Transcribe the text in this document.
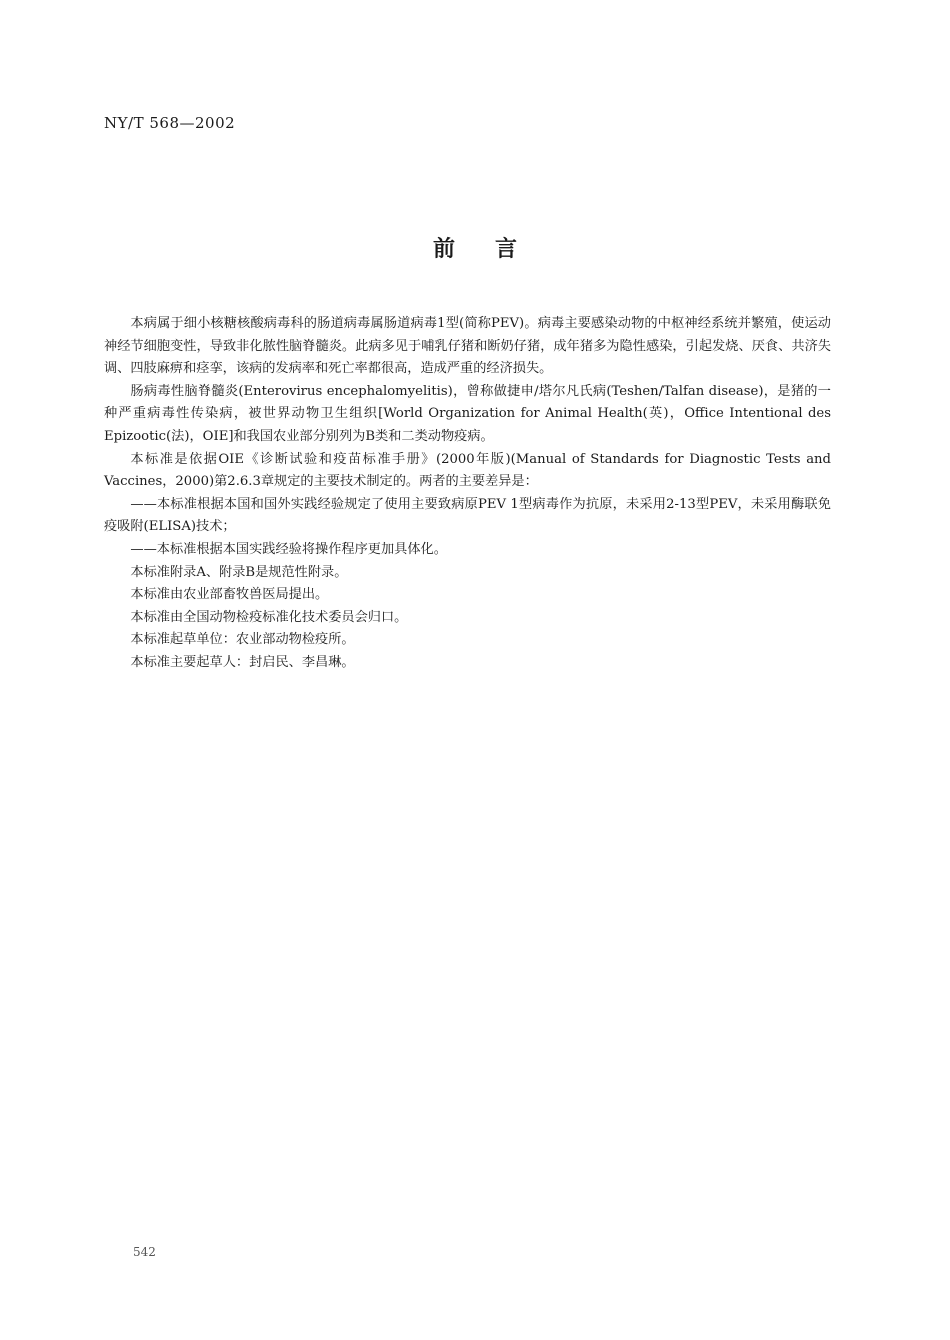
NY/T 568—2002
前言

本病属于细小核糖核酸病毒科的肠道病毒属肠道病毒1型(简称PEV)。病毒主要感染动物的中枢神经系统并繁殖，使运动神经节细胞变性，导致非化脓性脑脊髓炎。此病多见于哺乳仔猪和断奶仔猪，成年猪多为隐性感染，引起发烧、厌食、共济失调、四肢麻痹和痉挛，该病的发病率和死亡率都很高，造成严重的经济损失。

肠病毒性脑脊髓炎(Enterovirus encephalomyelitis)，曾称做捷申/塔尔凡氏病(Teshen/Talfan disease)，是猪的一种严重病毒性传染病，被世界动物卫生组织[World Organization for Animal Health(英)，Office Intentional des Epizootic(法)，OIE]和我国农业部分别列为B类和二类动物疫病。

本标准是依据OIE《诊断试验和疫苗标准手册》(2000年版)(Manual of Standards for Diagnostic Tests and Vaccines，2000)第2.6.3章规定的主要技术制定的。两者的主要差异是：

——本标准根据本国和国外实践经验规定了使用主要致病原PEV 1型病毒作为抗原，未采用2-13型PEV，未采用酶联免疫吸附(ELISA)技术；

——本标准根据本国实践经验将操作程序更加具体化。

本标准附录A、附录B是规范性附录。

本标准由农业部畜牧兽医局提出。

本标准由全国动物检疫标准化技术委员会归口。

本标准起草单位：农业部动物检疫所。

本标准主要起草人：封启民、李昌琳。

542
